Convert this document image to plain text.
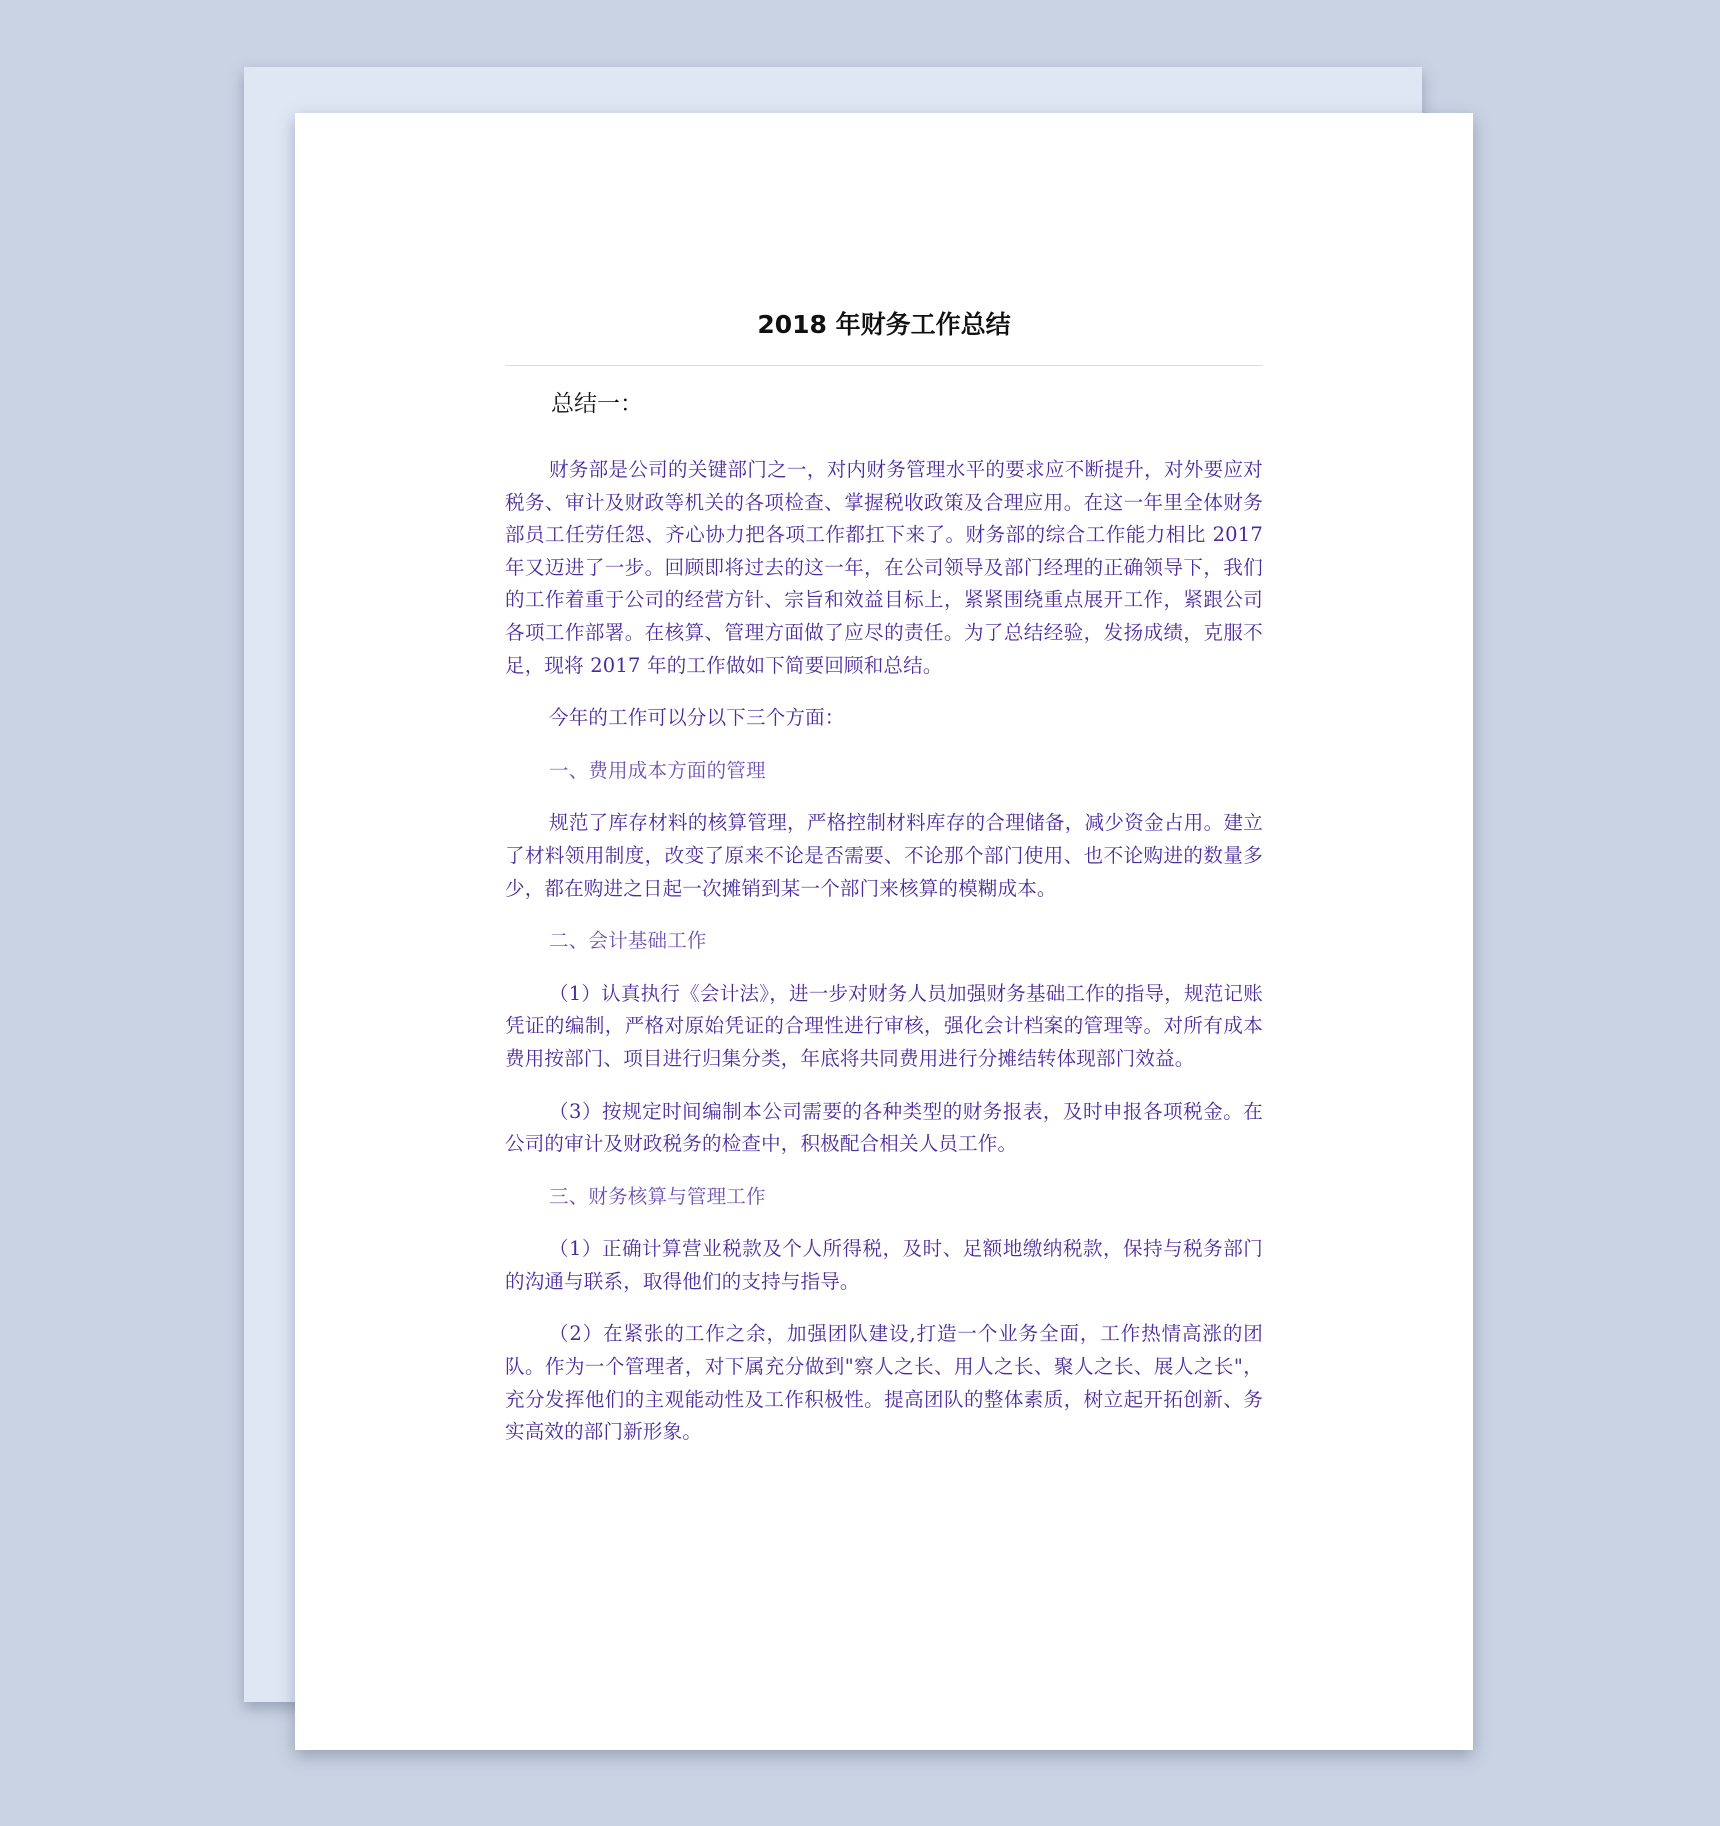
2018 年财务工作总结
总结一：

财务部是公司的关键部门之一，对内财务管理水平的要求应不断提升，对外要应对税务、审计及财政等机关的各项检查、掌握税收政策及合理应用。在这一年里全体财务部员工任劳任怨、齐心协力把各项工作都扛下来了。财务部的综合工作能力相比 2017 年又迈进了一步。回顾即将过去的这一年，在公司领导及部门经理的正确领导下，我们的工作着重于公司的经营方针、宗旨和效益目标上，紧紧围绕重点展开工作，紧跟公司各项工作部署。在核算、管理方面做了应尽的责任。为了总结经验，发扬成绩，克服不足，现将 2017 年的工作做如下简要回顾和总结。

今年的工作可以分以下三个方面：

一、费用成本方面的管理

规范了库存材料的核算管理，严格控制材料库存的合理储备，减少资金占用。建立了材料领用制度，改变了原来不论是否需要、不论那个部门使用、也不论购进的数量多少，都在购进之日起一次摊销到某一个部门来核算的模糊成本。

二、会计基础工作

（1）认真执行《会计法》，进一步对财务人员加强财务基础工作的指导，规范记账凭证的编制，严格对原始凭证的合理性进行审核，强化会计档案的管理等。对所有成本费用按部门、项目进行归集分类，年底将共同费用进行分摊结转体现部门效益。

（3）按规定时间编制本公司需要的各种类型的财务报表，及时申报各项税金。在公司的审计及财政税务的检查中，积极配合相关人员工作。

三、财务核算与管理工作

（1）正确计算营业税款及个人所得税，及时、足额地缴纳税款，保持与税务部门的沟通与联系，取得他们的支持与指导。

（2）在紧张的工作之余，加强团队建设,打造一个业务全面，工作热情高涨的团队。作为一个管理者，对下属充分做到"察人之长、用人之长、聚人之长、展人之长"，充分发挥他们的主观能动性及工作积极性。提高团队的整体素质，树立起开拓创新、务实高效的部门新形象。
